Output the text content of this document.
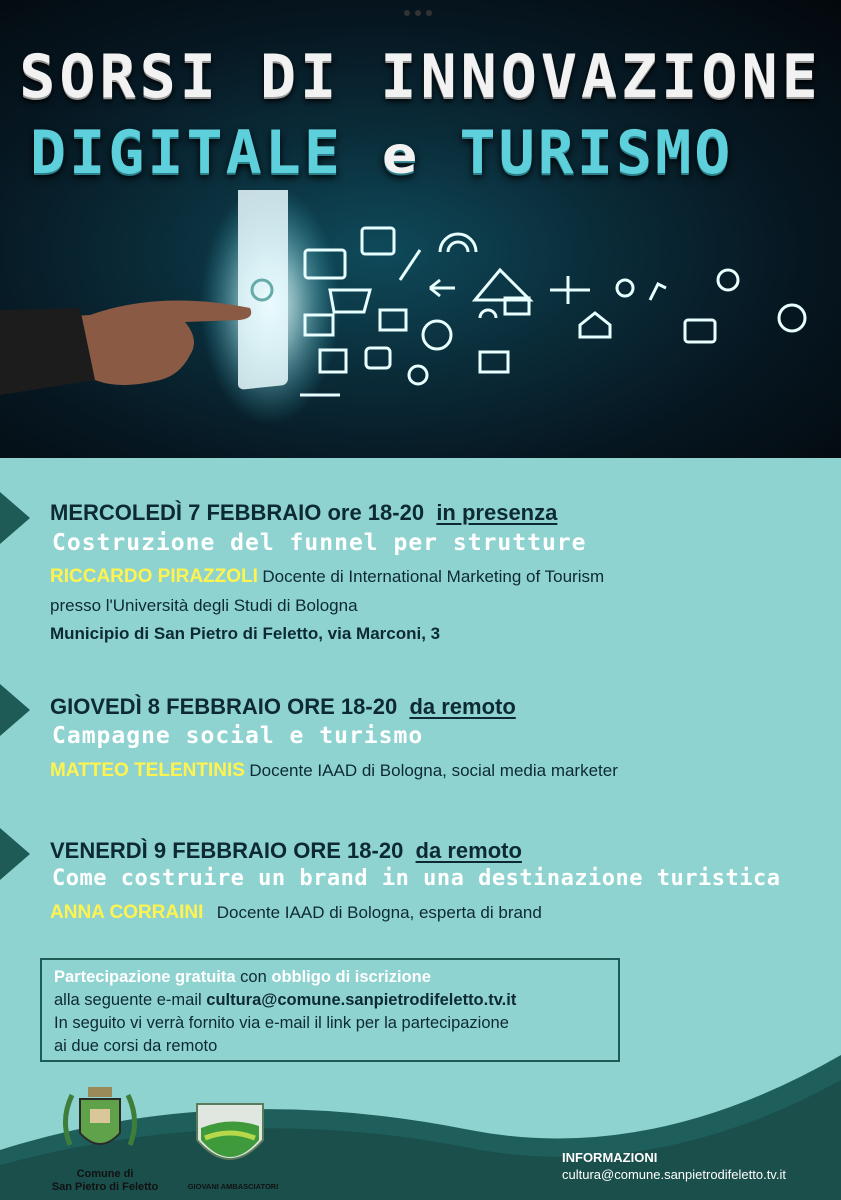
SORSI DI INNOVAZIONE
DIGITALE e TURISMO
MERCOLEDÌ 7 FEBBRAIO ore 18-20 in presenza
Costruzione del funnel per strutture
RICCARDO PIRAZZOLI Docente di International Marketing of Tourism
presso l'Università degli Studi di Bologna
Municipio di San Pietro di Feletto, via Marconi, 3
GIOVEDÌ 8 FEBBRAIO ORE 18-20 da remoto
Campagne social e turismo
MATTEO TELENTINIS Docente IAAD di Bologna, social media marketer
VENERDÌ 9 FEBBRAIO ORE 18-20 da remoto
Come costruire un brand in una destinazione turistica
ANNA CORRAINI Docente IAAD di Bologna, esperta di brand
Partecipazione gratuita con obbligo di iscrizione
alla seguente e-mail cultura@comune.sanpietrodifeletto.tv.it
In seguito vi verrà fornito via e-mail il link per la partecipazione
ai due corsi da remoto
Comune di
San Pietro di Feletto	GIOVANI AMBASCIATORI
INFORMAZIONI
cultura@comune.sanpietrodifeletto.tv.it
